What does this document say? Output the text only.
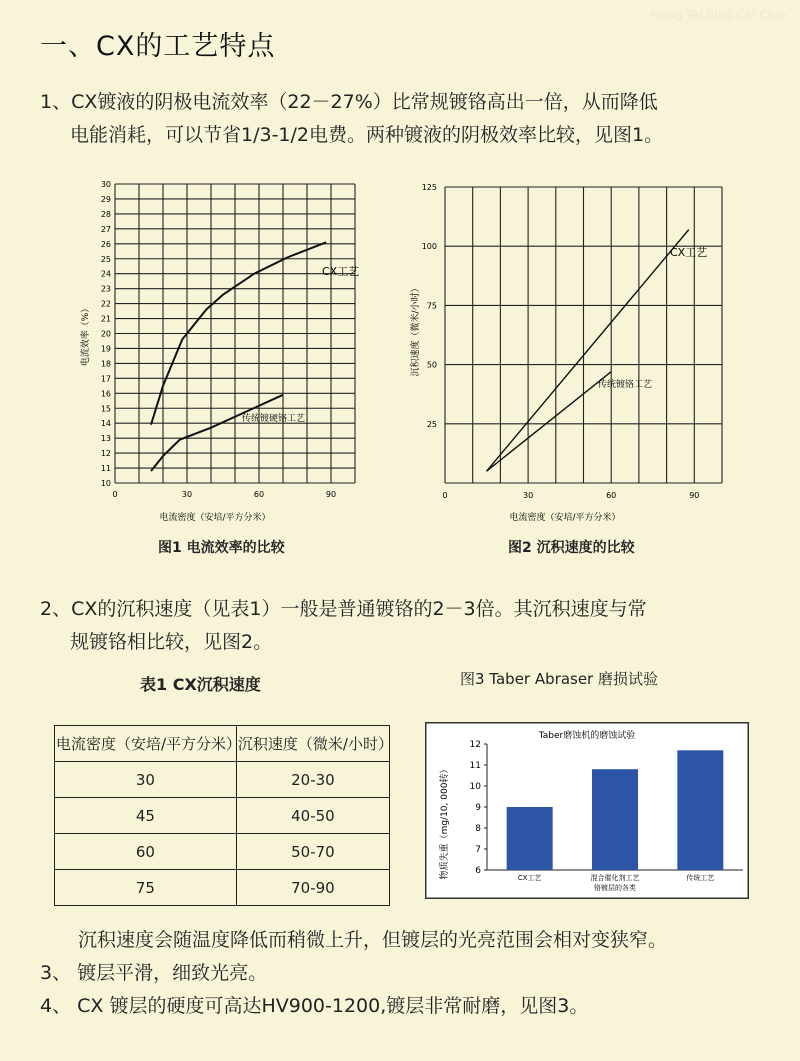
Hong Tai Biao Cai Club
一、CX的工艺特点
1、CX镀液的阴极电流效率（22－27%）比常规镀铬高出一倍，从而降低
电能消耗，可以节省1/3-1/2电费。两种镀液的阴极效率比较，见图1。
10
11
12
13
14
15
16
17
18
19
20
21
22
23
24
25
26
27
28
29
30
0	30	60	90
电流密度（安培/平方分米）
电流效率（%）
CX工艺
传统镀硬铬工艺
图1 电流效率的比较
25
50
75
100
125
0	30	60	90
电流密度（安培/平方分米）
沉积速度（微米/小时）
CX工艺
传统镀铬工艺
图2 沉积速度的比较
2、CX的沉积速度（见表1）一般是普通镀铬的2－3倍。其沉积速度与常
规镀铬相比较，见图2。
表1 CX沉积速度	图3 Taber Abraser 磨损试验
电流密度（安培/平方分米）	沉积速度（微米/小时）
30	20-30
45	40-50
60	50-70
75	70-90
Taber磨蚀机的磨蚀试验
6
7
8
9
10
11
12
CX工艺	混合催化剂工艺	传统工艺
物质失重（mg/10, 000转）
铬镀层的各类
沉积速度会随温度降低而稍微上升，但镀层的光亮范围会相对变狭窄。
3、 镀层平滑，细致光亮。
4、 CX 镀层的硬度可高达HV900-1200,镀层非常耐磨，见图3。
